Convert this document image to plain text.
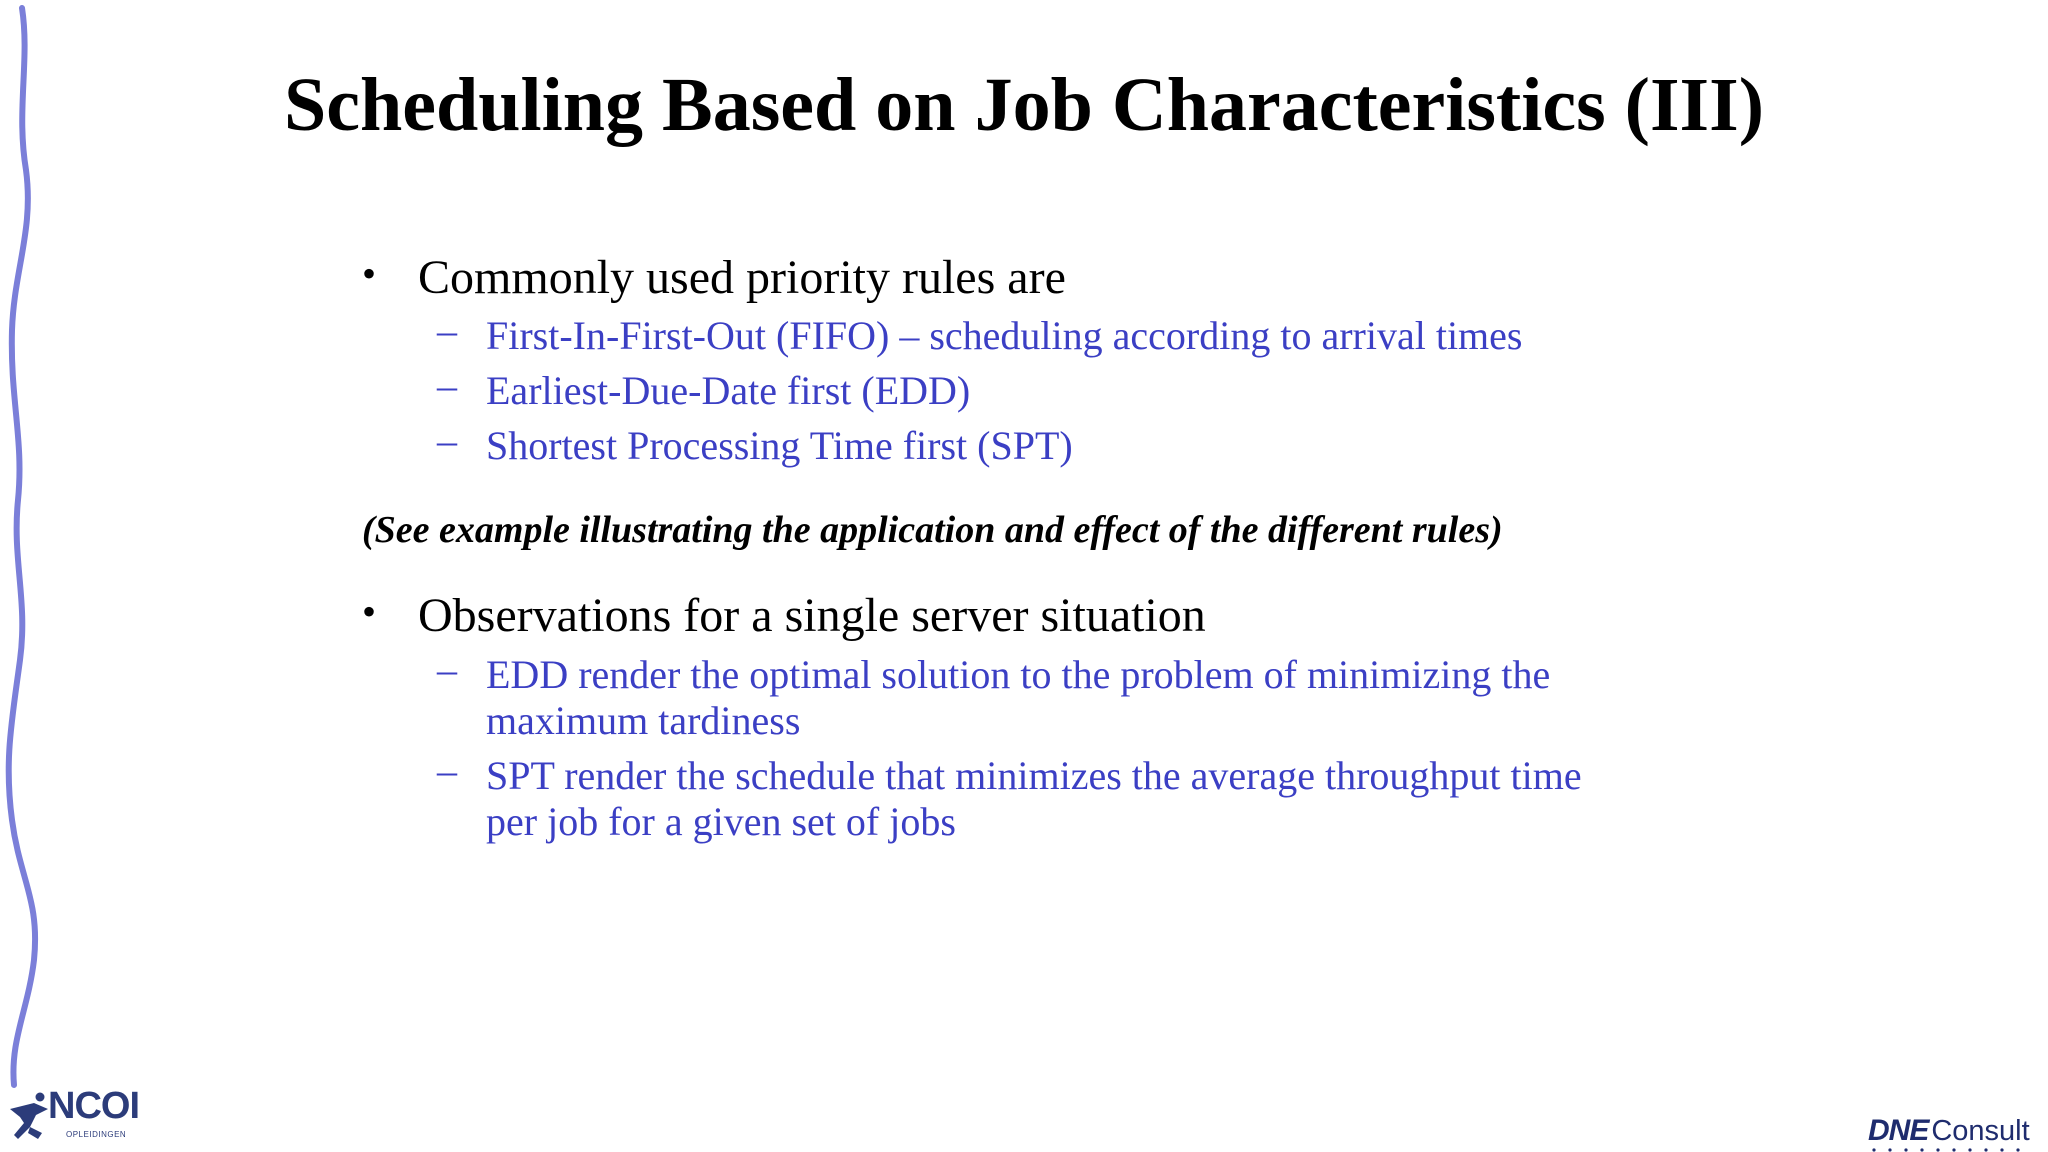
Scheduling Based on Job Characteristics (III)
• Commonly used priority rules are
– First-In-First-Out (FIFO) – scheduling according to arrival times
– Earliest-Due-Date first (EDD)
– Shortest Processing Time first (SPT)
(See example illustrating the application and effect of the different rules)
• Observations for a single server situation
– EDD render the optimal solution to the problem of minimizing the
maximum tardiness
– SPT render the schedule that minimizes the average throughput time
per job for a given set of jobs
NCOI
OPLEIDINGEN	DNE Consult
